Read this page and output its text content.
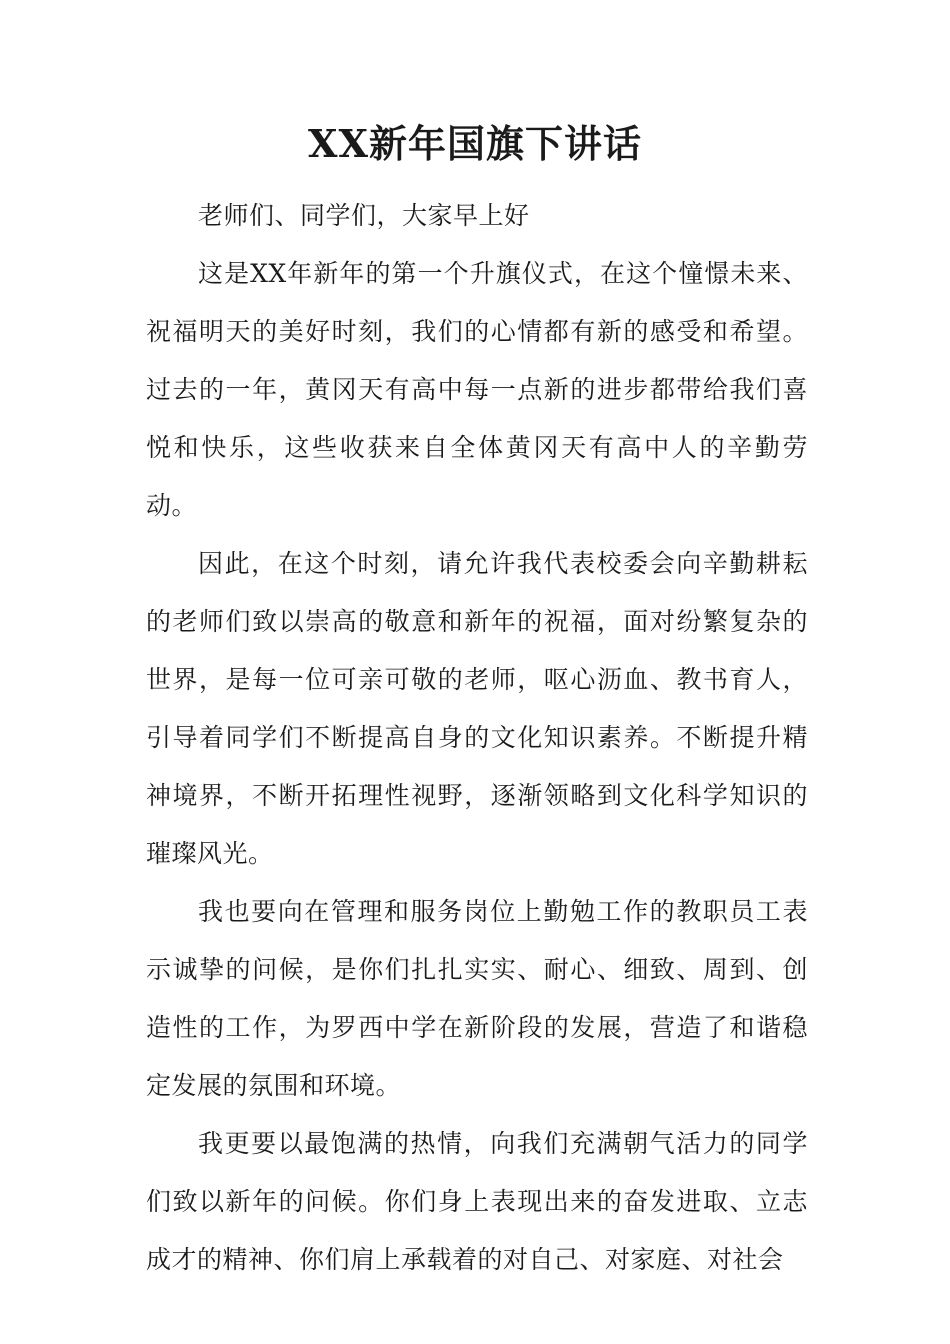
XX新年国旗下讲话

老师们、同学们，大家早上好

这是XX年新年的第一个升旗仪式，在这个憧憬未来、祝福明天的美好时刻，我们的心情都有新的感受和希望。过去的一年，黄冈天有高中每一点新的进步都带给我们喜悦和快乐，这些收获来自全体黄冈天有高中人的辛勤劳动。

因此，在这个时刻，请允许我代表校委会向辛勤耕耘的老师们致以崇高的敬意和新年的祝福，面对纷繁复杂的世界，是每一位可亲可敬的老师，呕心沥血、教书育人，引导着同学们不断提高自身的文化知识素养。不断提升精神境界，不断开拓理性视野，逐渐领略到文化科学知识的璀璨风光。

我也要向在管理和服务岗位上勤勉工作的教职员工表示诚挚的问候，是你们扎扎实实、耐心、细致、周到、创造性的工作，为罗西中学在新阶段的发展，营造了和谐稳定发展的氛围和环境。

我更要以最饱满的热情，向我们充满朝气活力的同学们致以新年的问候。你们身上表现出来的奋发进取、立志成才的精神、你们肩上承载着的对自己、对家庭、对社会
